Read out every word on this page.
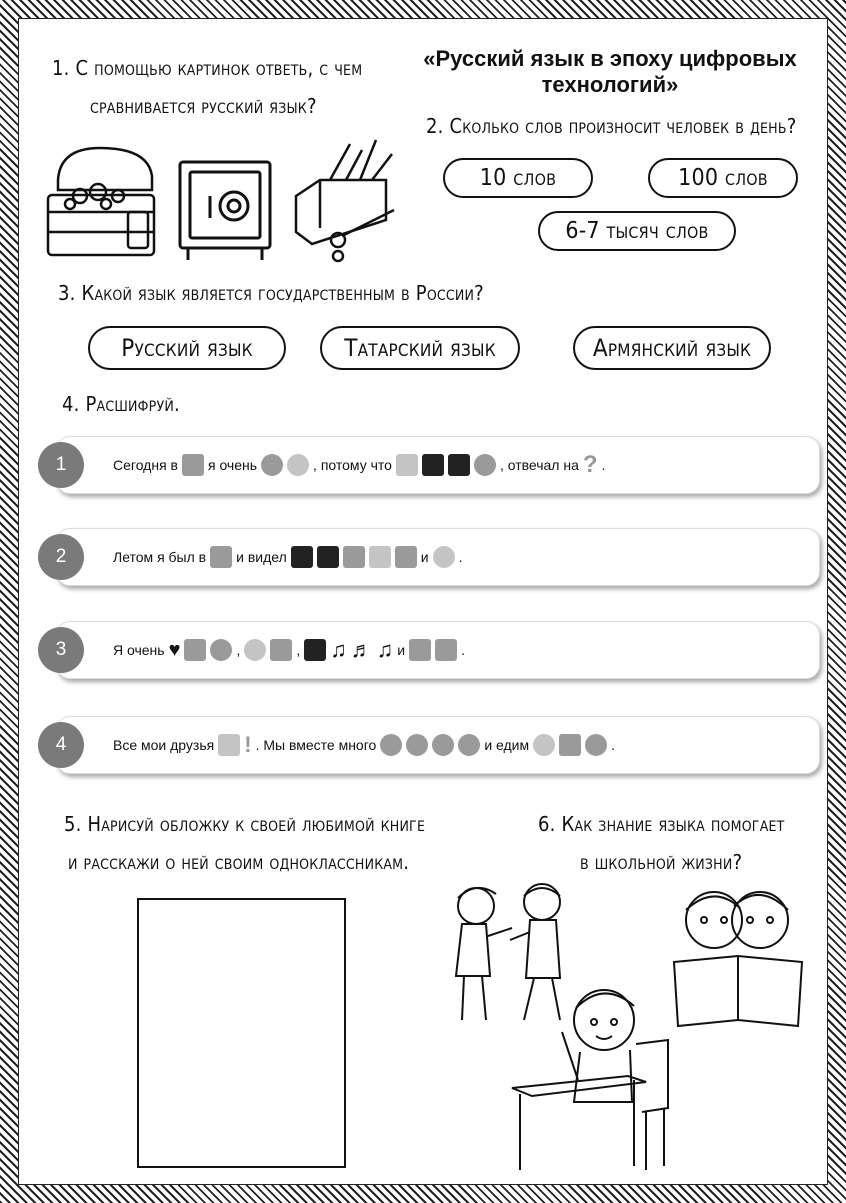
«Русский язык в эпоху цифровых технологий»
1. С помощью картинок ответь, с чем
сравнивается русский язык?
2. Сколько слов произносит человек в день?
10 слов	100 слов
6-7 тысяч слов
3. Какой язык является государственным в России?
Русский язык	Татарский язык	Армянский язык
4. Расшифруй.
Сегодня в я очень	, потому что	, отвечал на ? .
1
Летом я был в и видел	и .
2
Я очень ♥	,	, ♫ ♬ ♫ и	.
3
Все мои друзья ! . Мы вместе много	и едим	.
4
5. Нарисуй обложку к своей любимой книге
и расскажи о ней своим одноклассникам.
6. Как знание языка помогает
в школьной жизни?
